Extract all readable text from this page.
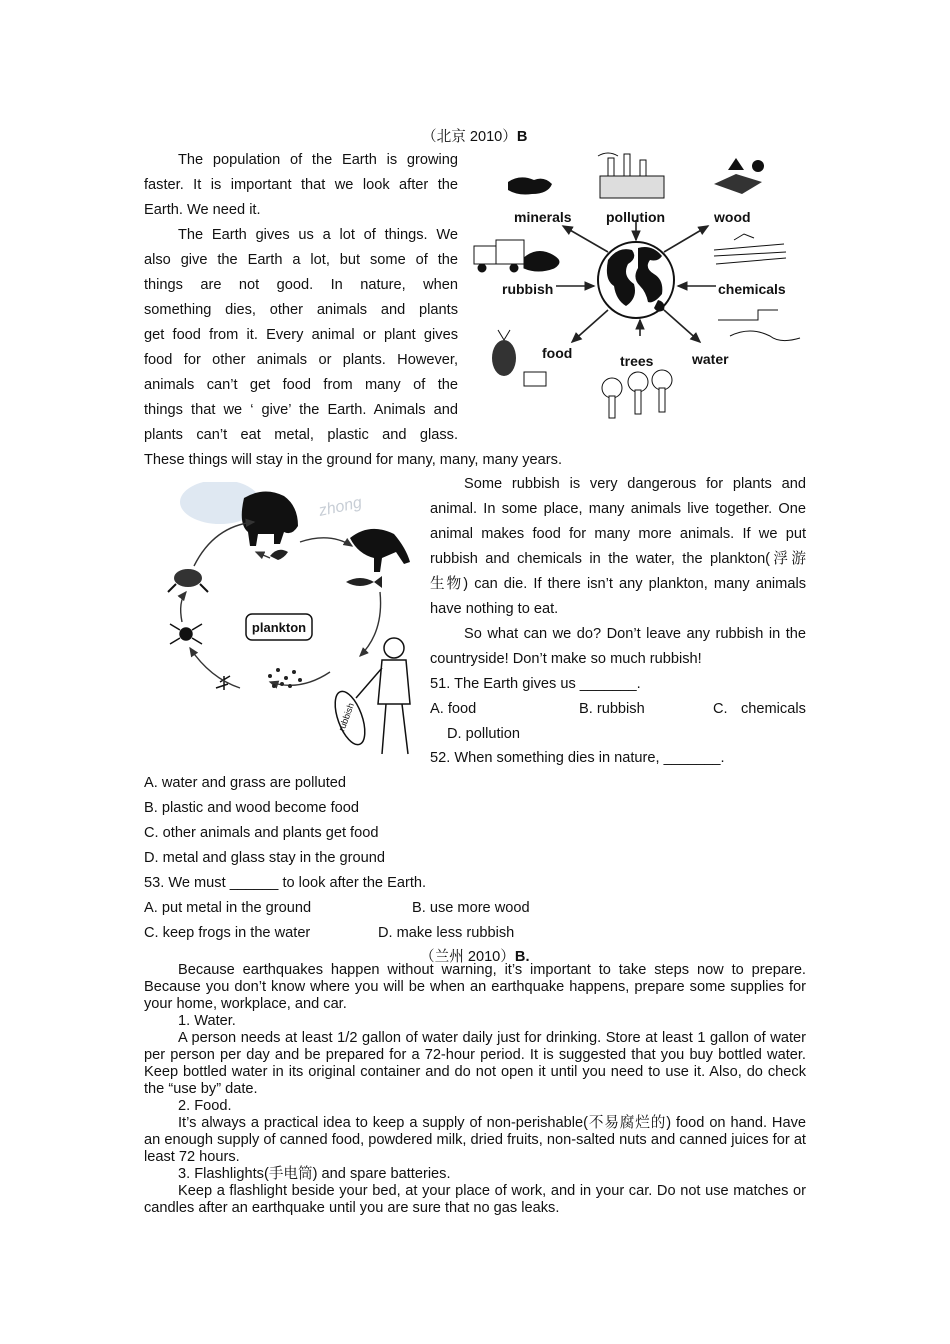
（北京 2010）B
The population of the Earth is growing
faster. It is important that we look after the
Earth. We need it.
The Earth gives us a lot of things. We
also give the Earth a lot, but some of the
things are not good. In nature, when
something dies, other animals and plants
get food from it. Every animal or plant gives
food for other animals or plants. However,
animals can’t get food from many of the
things that we ‘ give’ the Earth. Animals and
plants can’t eat metal, plastic and glass.
These things will stay in the ground for many, many, many years.
minerals pollution	wood
rubbish	chemicals
food	trees	water
zhong
plankton
rubbish
Some rubbish is very dangerous for plants and
animal. In some place, many animals live together. One
animal makes food for many more animals. If we put
rubbish and chemicals in the water, the plankton(浮游
生物) can die. If there isn’t any plankton, many animals
have nothing to eat.
So what can we do? Don’t leave any rubbish in the
countryside! Don’t make so much rubbish!
51. The Earth gives us _______.
A. food	B. rubbish	C. chemicals
D. pollution
52. When something dies in nature, _______.
A. water and grass are polluted
B. plastic and wood become food
C. other animals and plants get food
D. metal and glass stay in the ground
53. We must ______ to look after the Earth.
A. put metal in the ground	B. use more wood
C. keep frogs in the water	D. make less rubbish
（兰州 2010）B.

Because earthquakes happen without warning, it’s important to take steps now to prepare. Because you don’t know where you will be when an earthquake happens, prepare some supplies for your home, workplace, and car.

1. Water.

A person needs at least 1/2 gallon of water daily just for drinking. Store at least 1 gallon of water per person per day and be prepared for a 72-hour period. It is suggested that you buy bottled water. Keep bottled water in its original container and do not open it until you need to use it. Also, do check the “use by” date.

2. Food.

It’s always a practical idea to keep a supply of non-perishable(不易腐烂的) food on hand. Have an enough supply of canned food, powdered milk, dried fruits, non-salted nuts and canned juices for at least 72 hours.

3. Flashlights(手电筒) and spare batteries.

Keep a flashlight beside your bed, at your place of work, and in your car. Do not use matches or candles after an earthquake until you are sure that no gas leaks.
